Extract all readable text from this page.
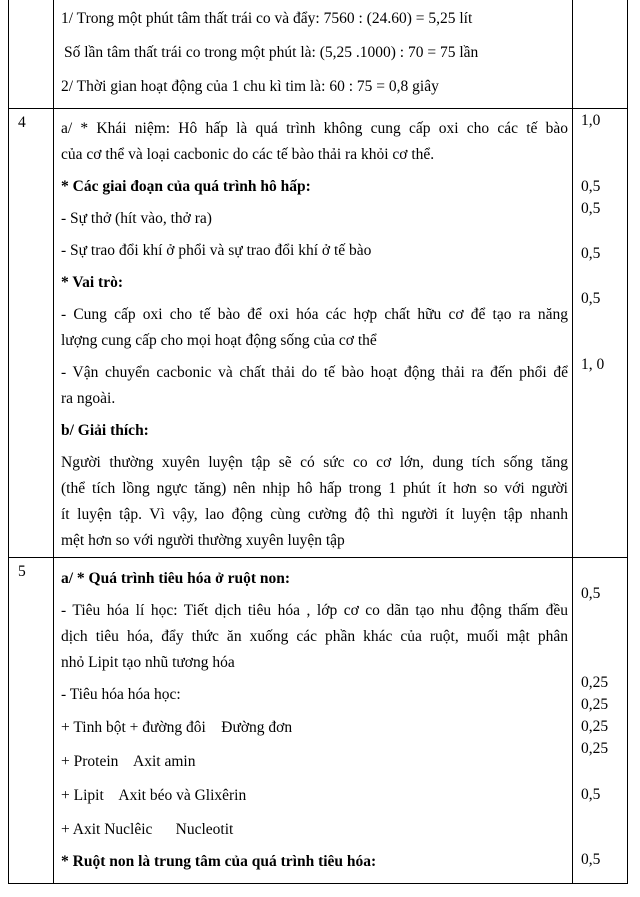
1/ Trong một phút tâm thất trái co và đẩy: 7560 : (24.60) = 5,25 lít
Số lần tâm thất trái co trong một phút là: (5,25 .1000) : 70 = 75 lần
2/ Thời gian hoạt động của 1 chu kì tim là: 60 : 75 = 0,8 giây
4 a/ * Khái niệm: Hô hấp là quá trình không cung cấp oxi cho các tế bào
của cơ thể và loại cacbonic do các tế bào thải ra khỏi cơ thể.
* Các giai đoạn của quá trình hô hấp:
- Sự thở (hít vào, thở ra)
- Sự trao đổi khí ở phổi và sự trao đổi khí ở tế bào
* Vai trò:
- Cung cấp oxi cho tế bào để oxi hóa các hợp chất hữu cơ để tạo ra năng
lượng cung cấp cho mọi hoạt động sống của cơ thể
- Vận chuyển cacbonic và chất thải do tế bào hoạt động thải ra đến phổi để
ra ngoài.
b/ Giải thích:
Người thường xuyên luyện tập sẽ có sức co cơ lớn, dung tích sống tăng
(thể tích lồng ngực tăng) nên nhịp hô hấp trong 1 phút ít hơn so với người
ít luyện tập. Vì vậy, lao động cùng cường độ thì người ít luyện tập nhanh
mệt hơn so với người thường xuyên luyện tập
1,0
0,5
0,5
0,5
0,5
1, 0
5 a/ * Quá trình tiêu hóa ở ruột non:
- Tiêu hóa lí học: Tiết dịch tiêu hóa , lớp cơ co dãn tạo nhu động thấm đều
dịch tiêu hóa, đẩy thức ăn xuống các phần khác của ruột, muối mật phân
nhỏ Lipit tạo nhũ tương hóa
- Tiêu hóa hóa học:
+ Tinh bột + đường đôi    Đường đơn
+ Protein    Axit amin
+ Lipit    Axit béo và Glixêrin
+ Axit Nuclêic      Nucleotit
* Ruột non là trung tâm của quá trình tiêu hóa:
0,5
0,25
0,25
0,25
0,25
0,5
0,5
